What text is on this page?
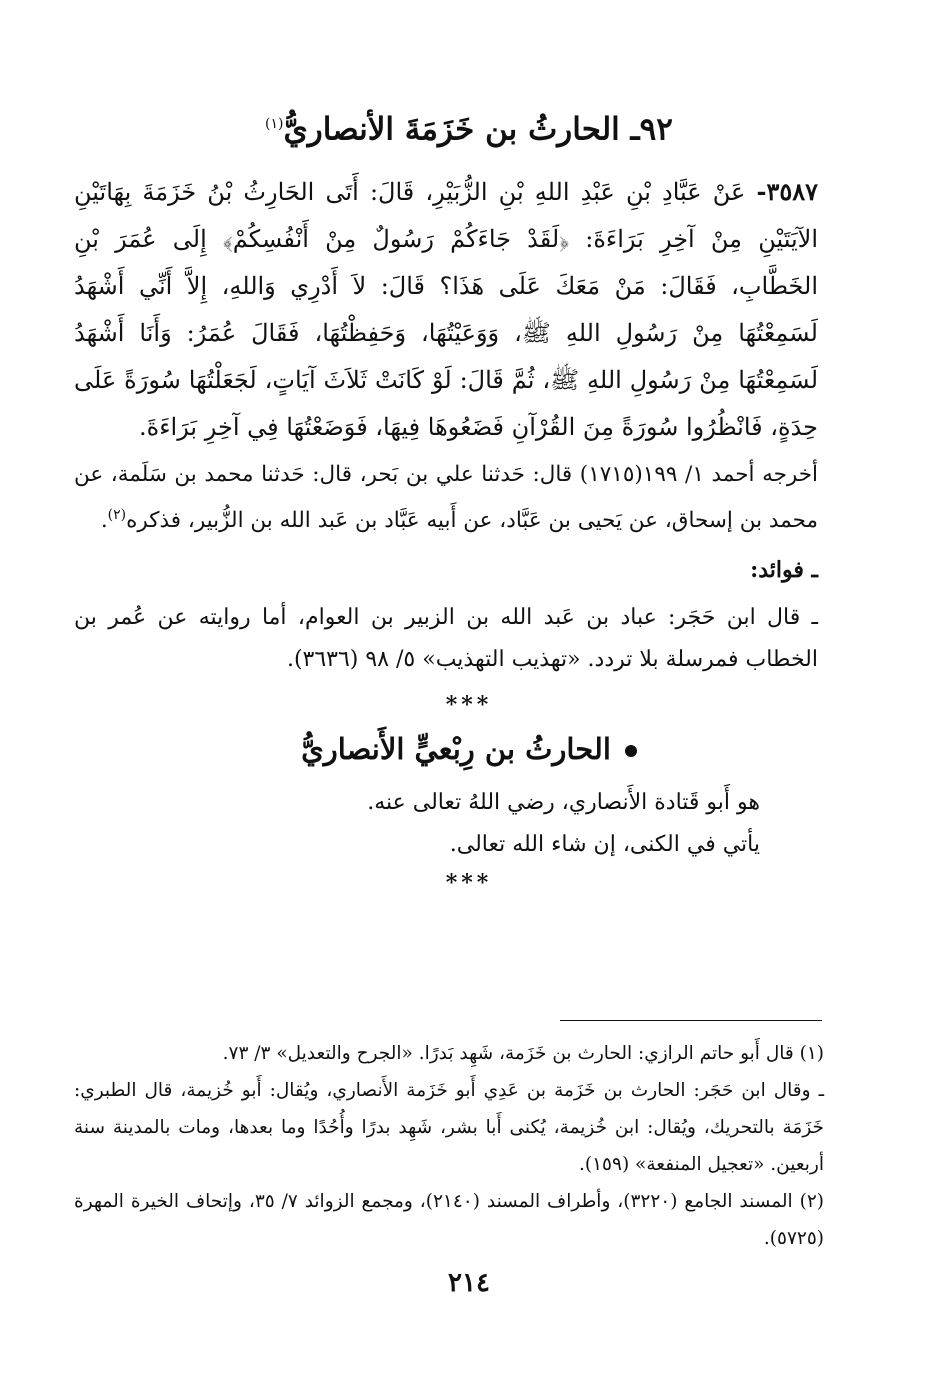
٩٢ـ الحارثُ بن خَزَمَةَ الأنصاريُّ$^{(١)}$
٣٥٨٧- عَنْ عَبَّادِ بْنِ عَبْدِ اللهِ بْنِ الزُّبَيْرِ، قَالَ: أَتَى الحَارِثُ بْنُ خَزَمَةَ بِهَاتَيْنِ الآيَتَيْنِ مِنْ آخِرِ بَرَاءَةَ: ﴿لَقَدْ جَاءَكُمْ رَسُولٌ مِنْ أَنْفُسِكُمْ﴾ إِلَى عُمَرَ بْنِ الخَطَّابِ، فَقَالَ: مَنْ مَعَكَ عَلَى هَذَا؟ قَالَ: لاَ أَدْرِي وَاللهِ، إِلاَّ أَنِّي أَشْهَدُ لَسَمِعْتُهَا مِنْ رَسُولِ اللهِ ﷺ، وَوَعَيْتُهَا، وَحَفِظْتُهَا، فَقَالَ عُمَرُ: وَأَنَا أَشْهَدُ لَسَمِعْتُهَا مِنْ رَسُولِ اللهِ ﷺ، ثُمَّ قَالَ: لَوْ كَانَتْ ثَلاَثَ آيَاتٍ، لَجَعَلْتُهَا سُورَةً عَلَى حِدَةٍ، فَانْظُرُوا سُورَةً مِنَ القُرْآنِ فَضَعُوهَا فِيهَا، فَوَضَعْتُهَا فِي آخِرِ بَرَاءَةَ.
أخرجه أحمد ١/ ١٩٩(١٧١٥) قال: حَدثنا علي بن بَحر، قال: حَدثنا محمد بن سَلَمة، عن محمد بن إسحاق، عن يَحيى بن عَبَّاد، عن أَبيه عَبَّاد بن عَبد الله بن الزُّبير، فذكره$^{(٢)}$.
ـ فوائد:
ـ قال ابن حَجَر: عباد بن عَبد الله بن الزبير بن العوام، أما روايته عن عُمر بن الخطاب فمرسلة بلا تردد. «تهذيب التهذيب» ٥/ ٩٨ (٣٦٣٦).
***
الحارثُ بن رِبْعيٍّ الأَنصاريُّ
هو أَبو قَتادة الأَنصاري، رضي اللهُ تعالى عنه.
يأتي في الكنى، إن شاء الله تعالى.
***

(١) قال أَبو حاتم الرازي: الحارث بن خَزَمة، شَهِد بَدرًا. «الجرح والتعديل» ٣/ ٧٣.

ـ وقال ابن حَجَر: الحارث بن خَزَمة بن عَدِي أَبو خَزَمة الأَنصاري، ويُقال: أَبو خُزيمة، قال الطبري: خَزَمَة بالتحريك، ويُقال: ابن خُزيمة، يُكنى أَبا بشر، شَهِد بدرًا وأُحُدًا وما بعدها، ومات بالمدينة سنة أربعين. «تعجيل المنفعة» (١٥٩).

(٢) المسند الجامع (٣٢٢٠)، وأطراف المسند (٢١٤٠)، ومجمع الزوائد ٧/ ٣٥، وإتحاف الخيرة المهرة (٥٧٢٥).

٢١٤
